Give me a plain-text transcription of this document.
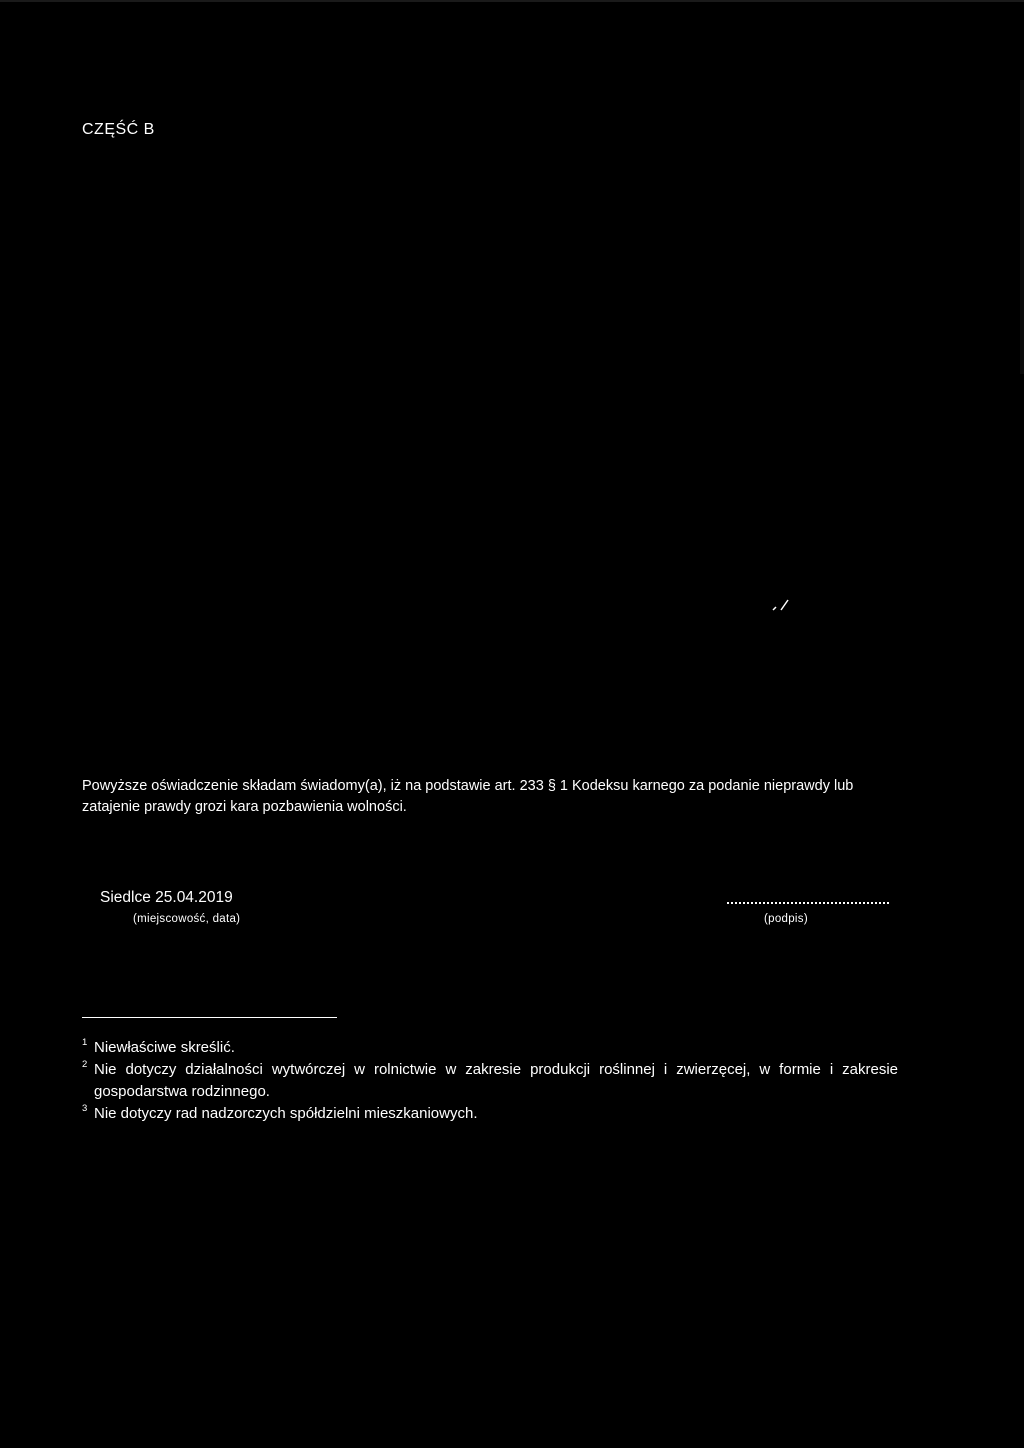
CZĘŚĆ B

Powyższe oświadczenie składam świadomy(a), iż na podstawie art. 233 § 1 Kodeksu karnego za podanie nieprawdy lub zatajenie prawdy grozi kara pozbawienia wolności.

Siedlce 25.04.2019
(miejscowość, data)	(podpis)
1 Niewłaściwe skreślić.
2 Nie dotyczy działalności wytwórczej w rolnictwie w zakresie produkcji roślinnej i zwierzęcej, w formie i zakresie gospodarstwa rodzinnego.
3 Nie dotyczy rad nadzorczych spółdzielni mieszkaniowych.
